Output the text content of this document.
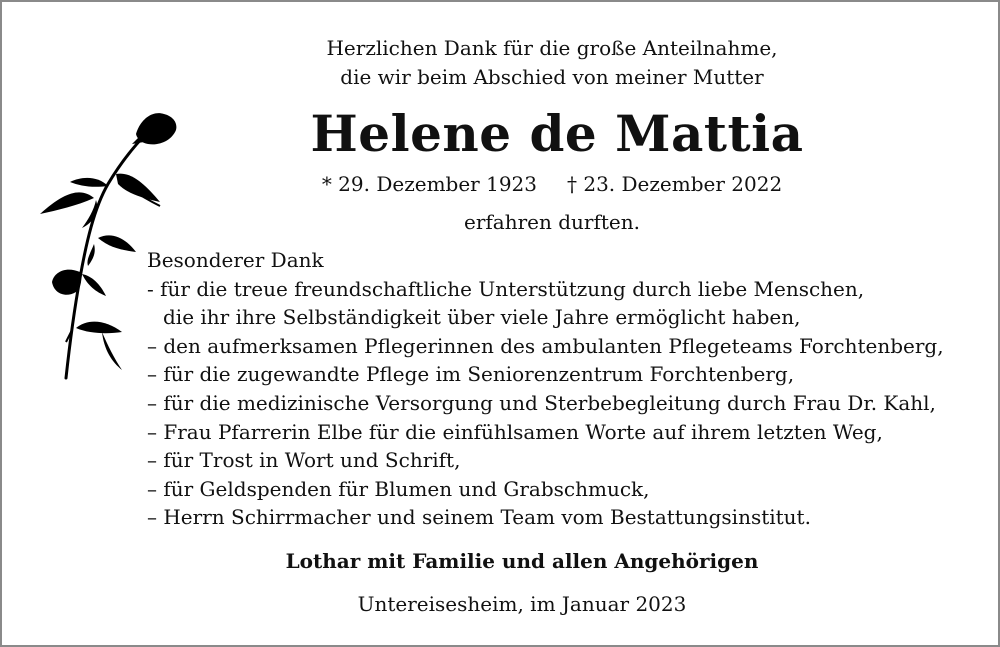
Herzlichen Dank für die große Anteilnahme,
die wir beim Abschied von meiner Mutter
Helene de Mattia
* 29. Dezember 1923 † 23. Dezember 2022
erfahren durften.
Besonderer Dank
- für die treue freundschaftliche Unterstützung durch liebe Menschen,
die ihr ihre Selbständigkeit über viele Jahre ermöglicht haben,
– den aufmerksamen Pflegerinnen des ambulanten Pflegeteams Forchtenberg,
– für die zugewandte Pflege im Seniorenzentrum Forchtenberg,
– für die medizinische Versorgung und Sterbebegleitung durch Frau Dr. Kahl,
– Frau Pfarrerin Elbe für die einfühlsamen Worte auf ihrem letzten Weg,
– für Trost in Wort und Schrift,
– für Geldspenden für Blumen und Grabschmuck,
– Herrn Schirrmacher und seinem Team vom Bestattungsinstitut.
Lothar mit Familie und allen Angehörigen
Untereisesheim, im Januar 2023
